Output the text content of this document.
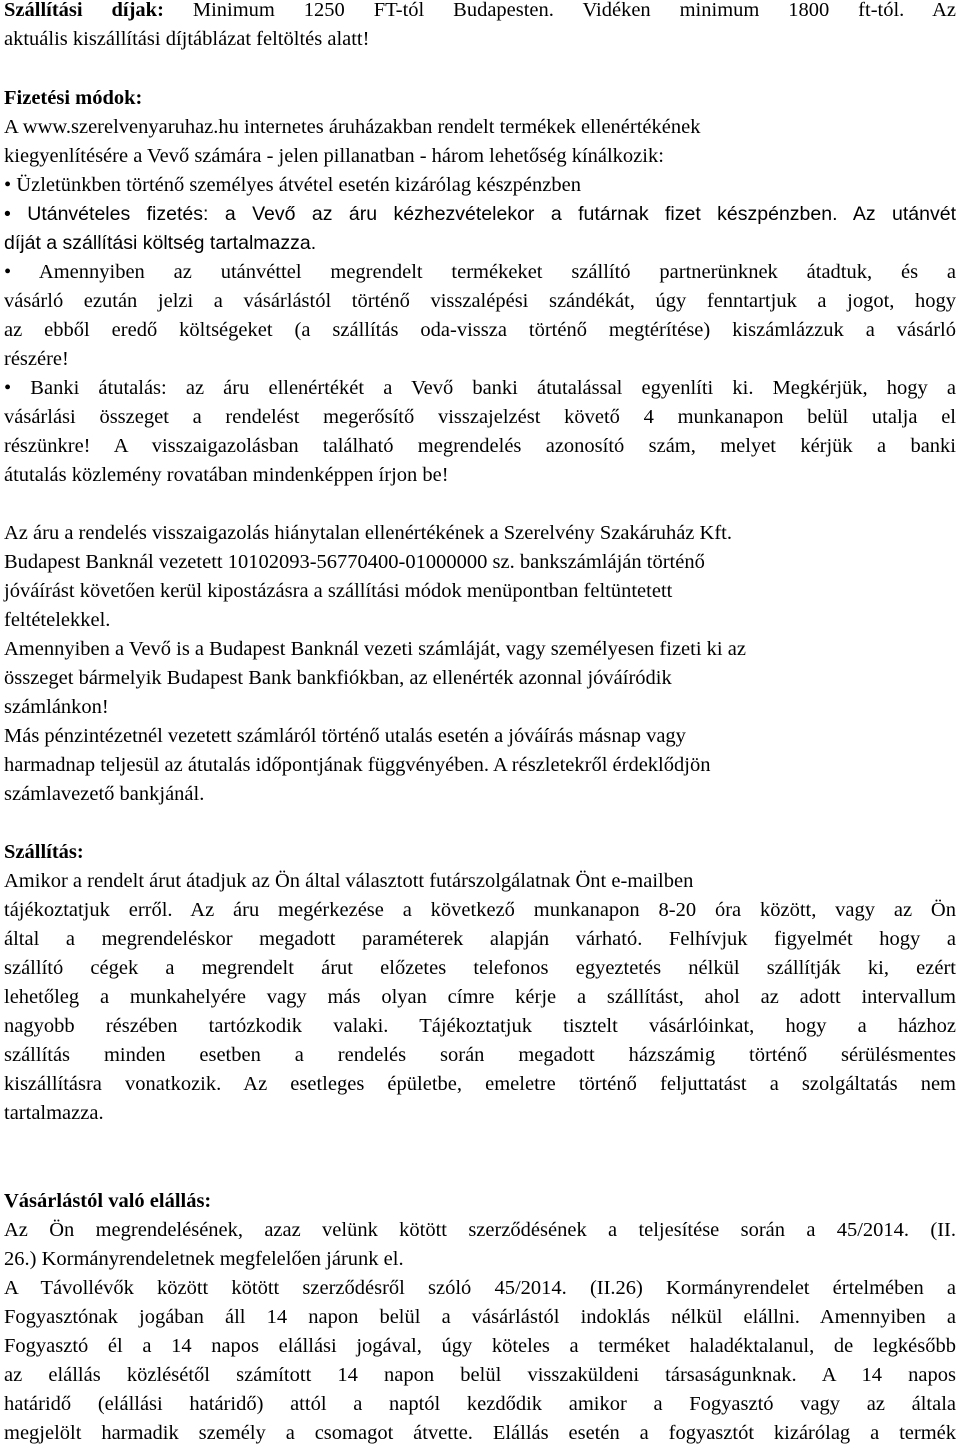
Szállítási díjak: Minimum 1250 FT-tól Budapesten. Vidéken minimum 1800 ft-tól. Az
aktuális kiszállítási díjtáblázat feltöltés alatt!
Fizetési módok:
A www.szerelvenyaruhaz.hu internetes áruházakban rendelt termékek ellenértékének
kiegyenlítésére a Vevő számára - jelen pillanatban - három lehetőség kínálkozik:
• Üzletünkben történő személyes átvétel esetén kizárólag készpénzben
• Utánvételes fizetés: a Vevő az áru kézhezvételekor a futárnak fizet készpénzben. Az utánvét
díját a szállítási költség tartalmazza.
• Amennyiben az utánvéttel megrendelt termékeket szállító partnerünknek átadtuk, és a
vásárló ezután jelzi a vásárlástól történő visszalépési szándékát, úgy fenntartjuk a jogot, hogy
az ebből eredő költségeket (a szállítás oda-vissza történő megtérítése) kiszámlázzuk a vásárló
részére!
• Banki átutalás: az áru ellenértékét a Vevő banki átutalással egyenlíti ki. Megkérjük, hogy a
vásárlási összeget a rendelést megerősítő visszajelzést követő 4 munkanapon belül utalja el
részünkre! A visszaigazolásban található megrendelés azonosító szám, melyet kérjük a banki
átutalás közlemény rovatában mindenképpen írjon be!
Az áru a rendelés visszaigazolás hiánytalan ellenértékének a Szerelvény Szakáruház Kft.
Budapest Banknál vezetett 10102093-56770400-01000000 sz. bankszámláján történő
jóváírást követően kerül kipostázásra a szállítási módok menüpontban feltüntetett
feltételekkel.
Amennyiben a Vevő is a Budapest Banknál vezeti számláját, vagy személyesen fizeti ki az
összeget bármelyik Budapest Bank bankfiókban, az ellenérték azonnal jóváíródik
számlánkon!
Más pénzintézetnél vezetett számláról történő utalás esetén a jóváírás másnap vagy
harmadnap teljesül az átutalás időpontjának függvényében. A részletekről érdeklődjön
számlavezető bankjánál.
Szállítás:
Amikor a rendelt árut átadjuk az Ön által választott futárszolgálatnak Önt e-mailben
tájékoztatjuk erről. Az áru megérkezése a következő munkanapon 8-20 óra között, vagy az Ön
által a megrendeléskor megadott paraméterek alapján várható. Felhívjuk figyelmét hogy a
szállító cégek a megrendelt árut előzetes telefonos egyeztetés nélkül szállítják ki, ezért
lehetőleg a munkahelyére vagy más olyan címre kérje a szállítást, ahol az adott intervallum
nagyobb részében tartózkodik valaki. Tájékoztatjuk tisztelt vásárlóinkat, hogy a házhoz
szállítás minden esetben a rendelés során megadott házszámig történő sérülésmentes
kiszállításra vonatkozik. Az esetleges épületbe, emeletre történő feljuttatást a szolgáltatás nem
tartalmazza.
Vásárlástól való elállás:
Az Ön megrendelésének, azaz velünk kötött szerződésének a teljesítése során a 45/2014. (II.
26.) Kormányrendeletnek megfelelően járunk el.
A Távollévők között kötött szerződésről szóló 45/2014. (II.26) Kormányrendelet értelmében a
Fogyasztónak jogában áll 14 napon belül a vásárlástól indoklás nélkül elállni. Amennyiben a
Fogyasztó él a 14 napos elállási jogával, úgy köteles a terméket haladéktalanul, de legkésőbb
az elállás közlésétől számított 14 napon belül visszaküldeni társaságunknak. A 14 napos
határidő (elállási határidő) attól a naptól kezdődik amikor a Fogyasztó vagy az általa
megjelölt harmadik személy a csomagot átvette. Elállás esetén a fogyasztót kizárólag a termék
